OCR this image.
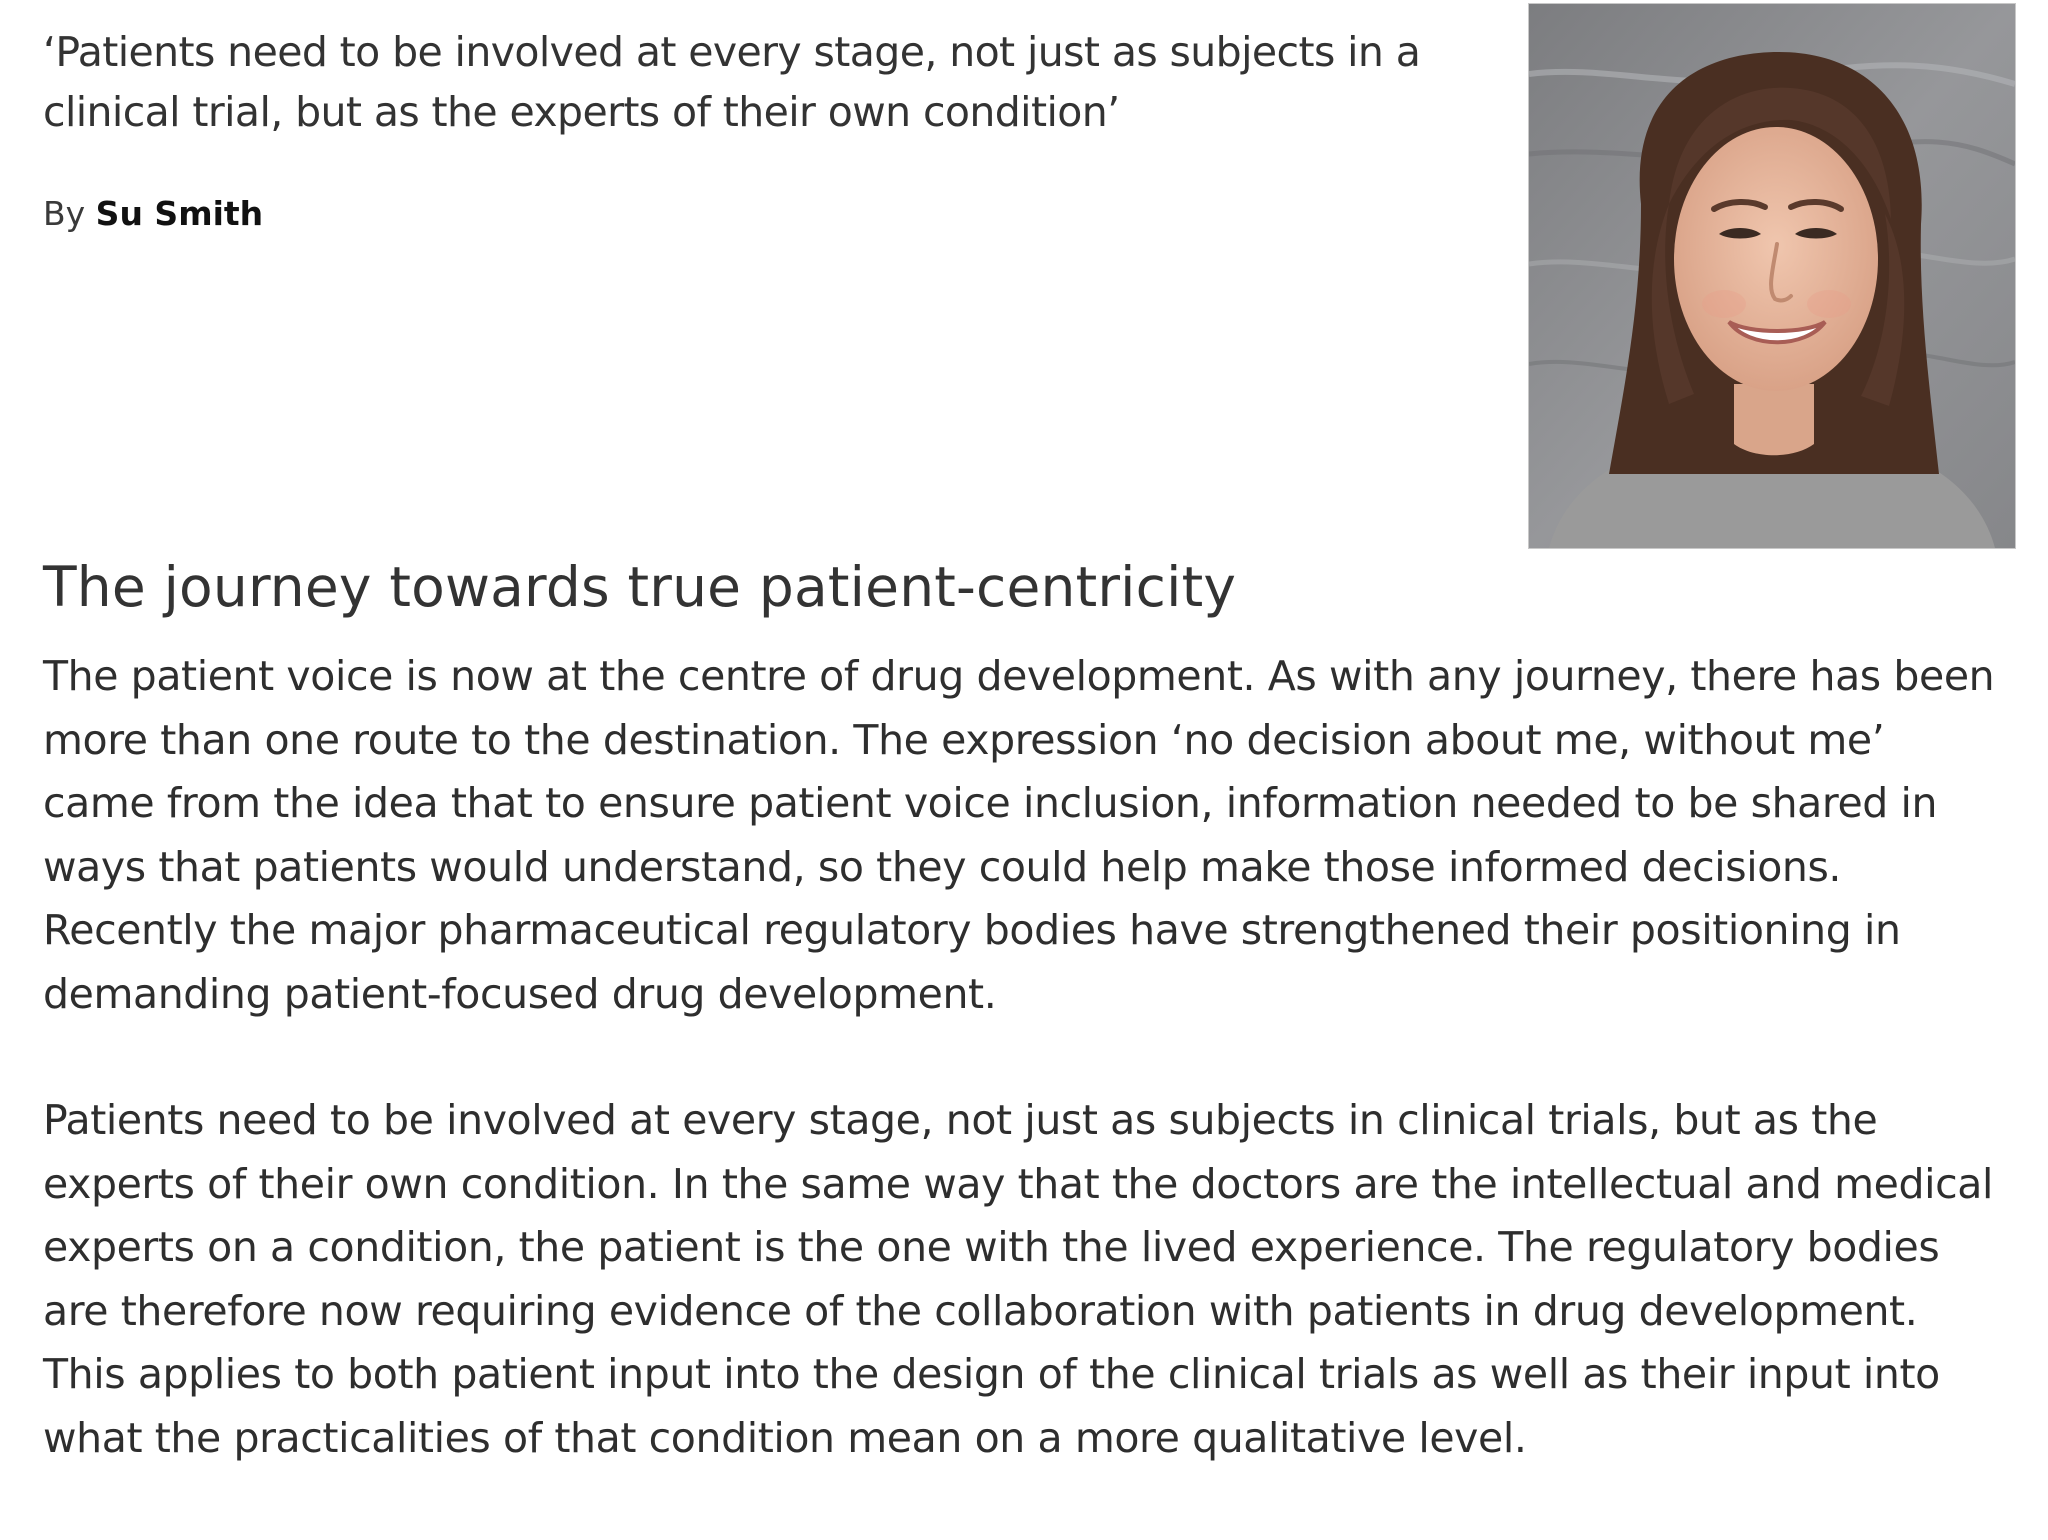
‘Patients need to be involved at every stage, not just as subjects in a clinical trial, but as the experts of their own condition’

By Su Smith

The journey towards true patient-centricity

The patient voice is now at the centre of drug development. As with any journey, there has been more than one route to the destination. The expression ‘no decision about me, without me’ came from the idea that to ensure patient voice inclusion, information needed to be shared in ways that patients would understand, so they could help make those informed decisions. Recently the major pharmaceutical regulatory bodies have strengthened their positioning in demanding patient-focused drug development.

Patients need to be involved at every stage, not just as subjects in clinical trials, but as the experts of their own condition. In the same way that the doctors are the intellectual and medical experts on a condition, the patient is the one with the lived experience. The regulatory bodies are therefore now requiring evidence of the collaboration with patients in drug development. This applies to both patient input into the design of the clinical trials as well as their input into what the practicalities of that condition mean on a more qualitative level.
